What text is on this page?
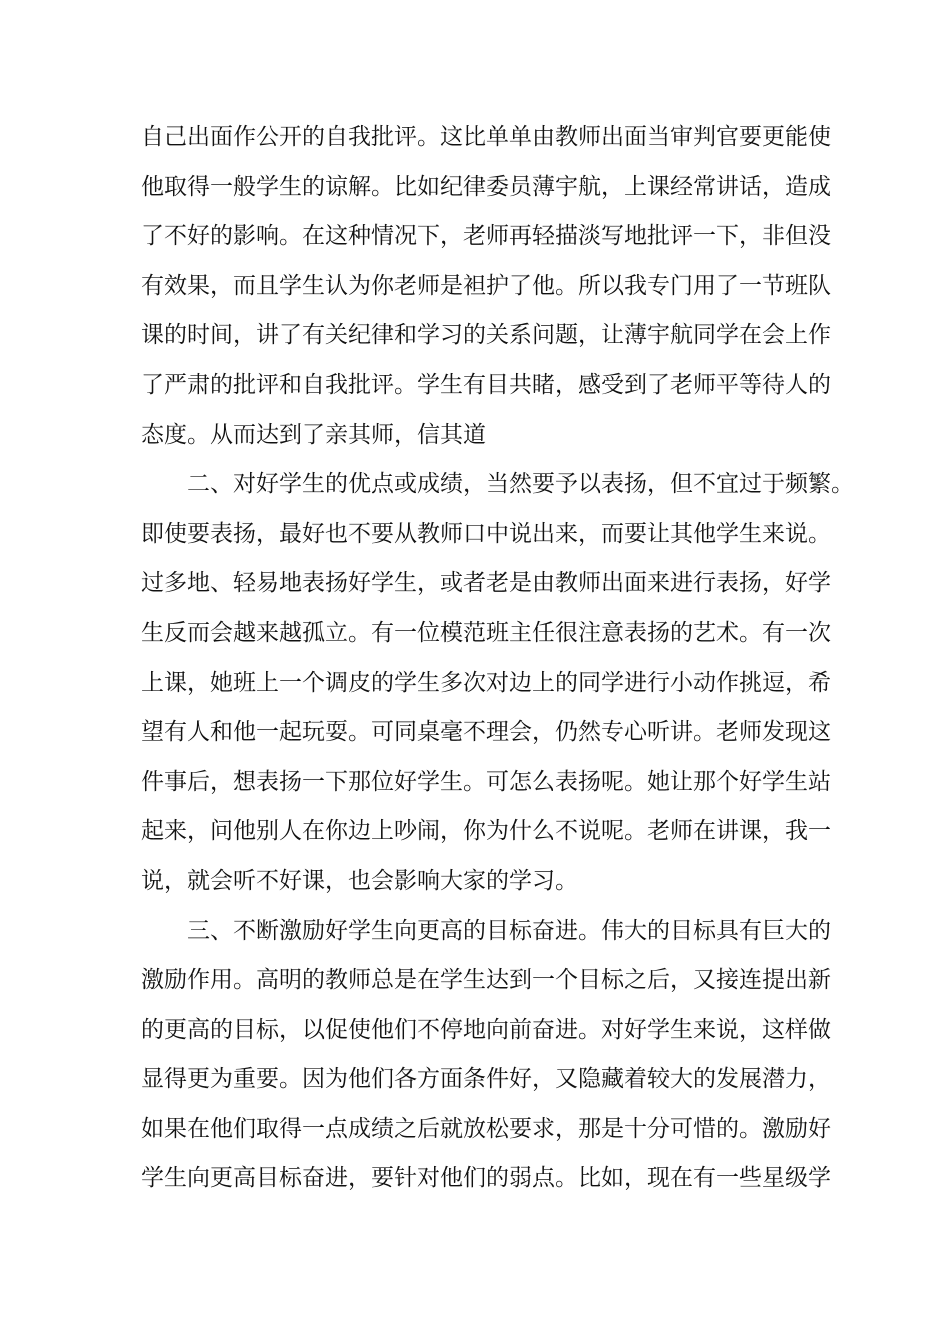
自己出面作公开的自我批评。这比单单由教师出面当审判官要更能使
他取得一般学生的谅解。比如纪律委员薄宇航，上课经常讲话，造成
了不好的影响。在这种情况下，老师再轻描淡写地批评一下，非但没
有效果，而且学生认为你老师是袒护了他。所以我专门用了一节班队
课的时间，讲了有关纪律和学习的关系问题，让薄宇航同学在会上作
了严肃的批评和自我批评。学生有目共睹，感受到了老师平等待人的
态度。从而达到了亲其师，信其道
二、对好学生的优点或成绩，当然要予以表扬，但不宜过于频繁。
即使要表扬，最好也不要从教师口中说出来，而要让其他学生来说。
过多地、轻易地表扬好学生，或者老是由教师出面来进行表扬，好学
生反而会越来越孤立。有一位模范班主任很注意表扬的艺术。有一次
上课，她班上一个调皮的学生多次对边上的同学进行小动作挑逗，希
望有人和他一起玩耍。可同桌毫不理会，仍然专心听讲。老师发现这
件事后，想表扬一下那位好学生。可怎么表扬呢。她让那个好学生站
起来，问他别人在你边上吵闹，你为什么不说呢。老师在讲课，我一
说，就会听不好课，也会影响大家的学习。
三、不断激励好学生向更高的目标奋进。伟大的目标具有巨大的
激励作用。高明的教师总是在学生达到一个目标之后，又接连提出新
的更高的目标，以促使他们不停地向前奋进。对好学生来说，这样做
显得更为重要。因为他们各方面条件好，又隐藏着较大的发展潜力，
如果在他们取得一点成绩之后就放松要求，那是十分可惜的。激励好
学生向更高目标奋进，要针对他们的弱点。比如，现在有一些星级学
